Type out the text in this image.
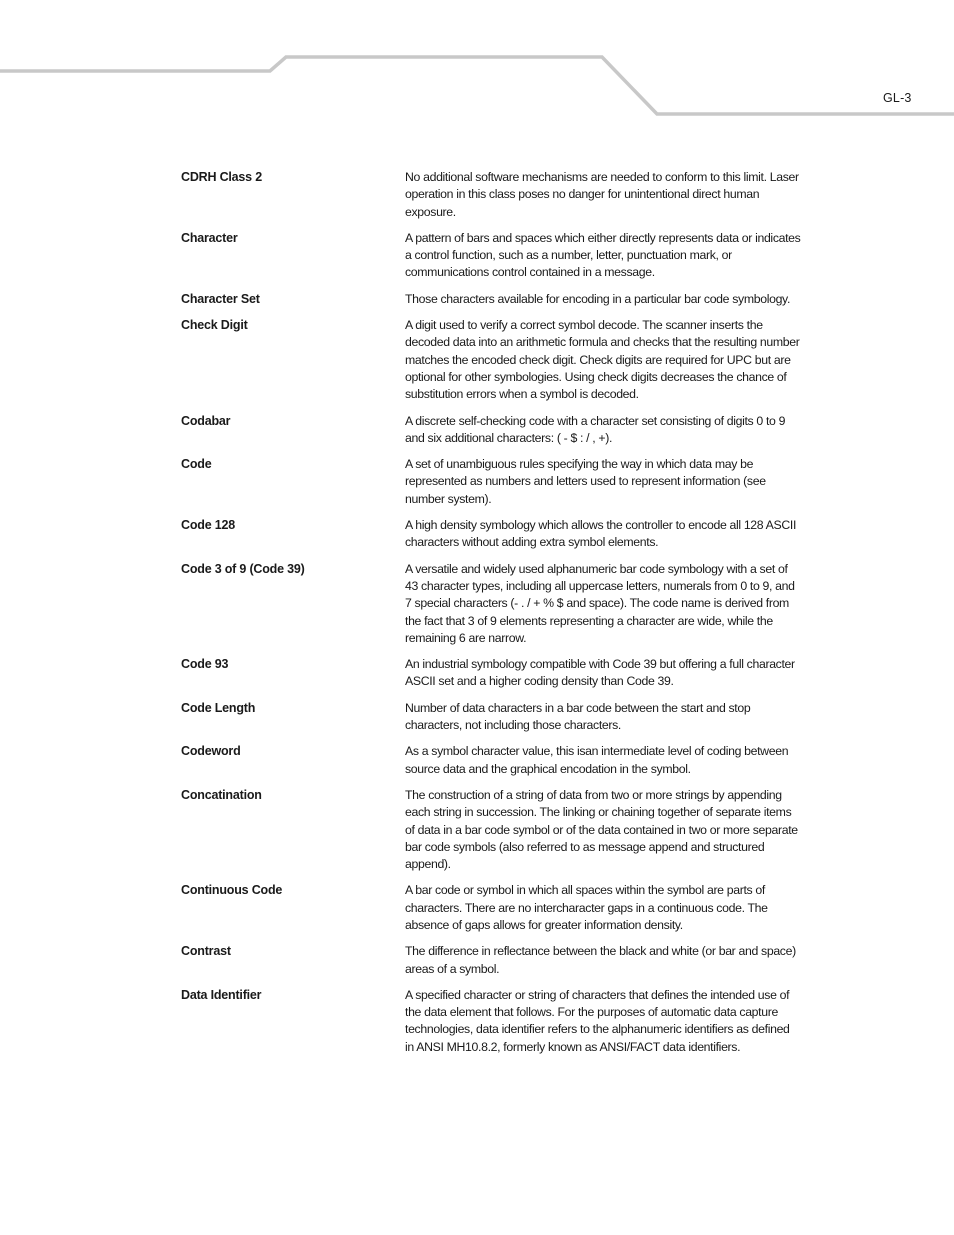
GL-3
CDRH Class 2	No additional software mechanisms are needed to conform to this limit. Laser operation in this class poses no danger for unintentional direct human exposure.
Character	A pattern of bars and spaces which either directly represents data or indicates a control function, such as a number, letter, punctuation mark, or communications control contained in a message.
Character Set	Those characters available for encoding in a particular bar code symbology.
Check Digit	A digit used to verify a correct symbol decode. The scanner inserts the decoded data into an arithmetic formula and checks that the resulting number matches the encoded check digit. Check digits are required for UPC but are optional for other symbologies. Using check digits decreases the chance of substitution errors when a symbol is decoded.
Codabar	A discrete self-checking code with a character set consisting of digits 0 to 9 and six additional characters: ( - $ : / , +).
Code	A set of unambiguous rules specifying the way in which data may be represented as numbers and letters used to represent information (see number system).
Code 128	A high density symbology which allows the controller to encode all 128 ASCII characters without adding extra symbol elements.
Code 3 of 9 (Code 39)	A versatile and widely used alphanumeric bar code symbology with a set of 43 character types, including all uppercase letters, numerals from 0 to 9, and 7 special characters (- . / + % $ and space). The code name is derived from the fact that 3 of 9 elements representing a character are wide, while the remaining 6 are narrow.
Code 93	An industrial symbology compatible with Code 39 but offering a full character ASCII set and a higher coding density than Code 39.
Code Length	Number of data characters in a bar code between the start and stop characters, not including those characters.
Codeword	As a symbol character value, this isan intermediate level of coding between source data and the graphical encodation in the symbol.
Concatination	The construction of a string of data from two or more strings by appending each string in succession. The linking or chaining together of separate items of data in a bar code symbol or of the data contained in two or more separate bar code symbols (also referred to as message append and structured append).
Continuous Code	A bar code or symbol in which all spaces within the symbol are parts of characters. There are no intercharacter gaps in a continuous code. The absence of gaps allows for greater information density.
Contrast	The difference in reflectance between the black and white (or bar and space) areas of a symbol.
Data Identifier	A specified character or string of characters that defines the intended use of the data element that follows. For the purposes of automatic data capture technologies, data identifier refers to the alphanumeric identifiers as defined in ANSI MH10.8.2, formerly known as ANSI/FACT data identifiers.
